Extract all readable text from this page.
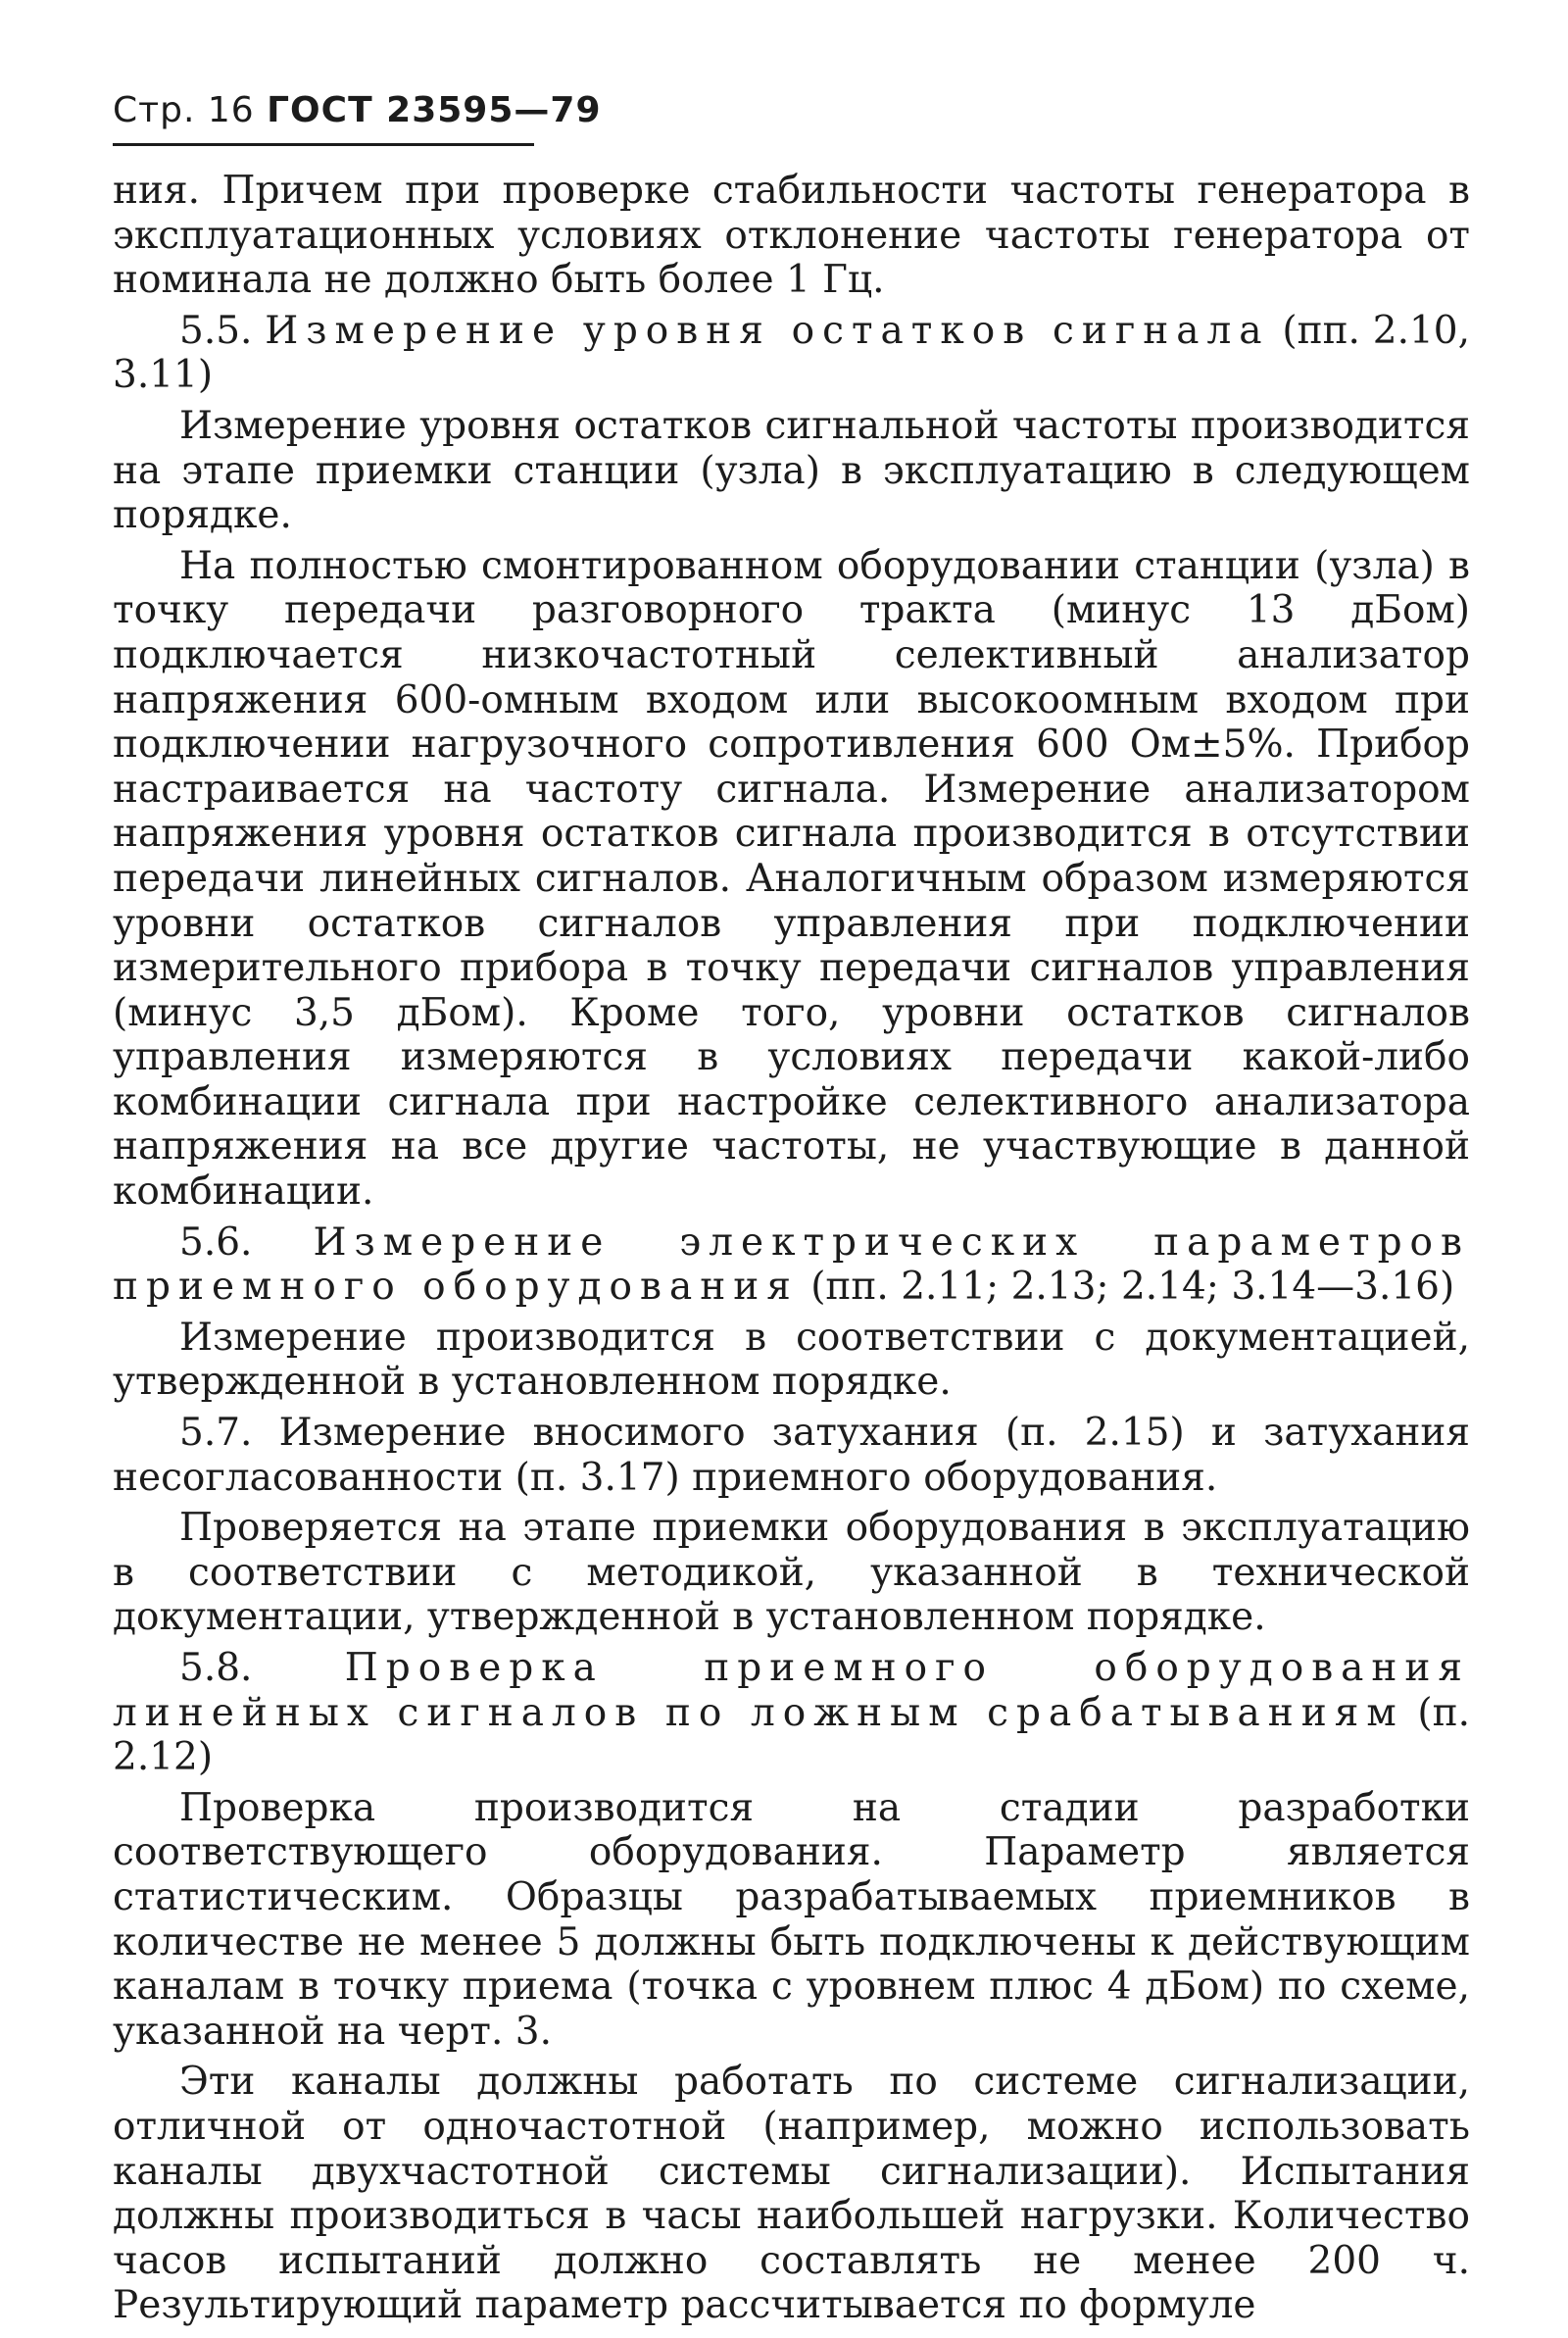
Стр. 16 ГОСТ 23595—79

ния. Причем при проверке стабильности частоты генератора в эксплуатационных условиях отклонение частоты генератора от номинала не должно быть более 1 Гц.

5.5. Измерение уровня остатков сигнала (пп. 2.10, 3.11)

Измерение уровня остатков сигнальной частоты производится на этапе приемки станции (узла) в эксплуатацию в следующем порядке.

На полностью смонтированном оборудовании станции (узла) в точку передачи разговорного тракта (минус 13 дБом) подключается низкочастотный селективный анализатор напряжения 600-омным входом или высокоомным входом при подключении нагрузочного сопротивления 600 Ом±5%. Прибор настраивается на частоту сигнала. Измерение анализатором напряжения уровня остатков сигнала производится в отсутствии передачи линейных сигналов. Аналогичным образом измеряются уровни остатков сигналов управления при подключении измерительного прибора в точку передачи сигналов управления (минус 3,5 дБом). Кроме того, уровни остатков сигналов управления измеряются в условиях передачи какой-либо комбинации сигнала при настройке селективного анализатора напряжения на все другие частоты, не участвующие в данной комбинации.

5.6. Измерение электрических параметров приемного оборудования (пп. 2.11; 2.13; 2.14; 3.14—3.16)

Измерение производится в соответствии с документацией, утвержденной в установленном порядке.

5.7. Измерение вносимого затухания (п. 2.15) и затухания несогласованности (п. 3.17) приемного оборудования.

Проверяется на этапе приемки оборудования в эксплуатацию в соответствии с методикой, указанной в технической документации, утвержденной в установленном порядке.

5.8. Проверка приемного оборудования линейных сигналов по ложным срабатываниям (п. 2.12)

Проверка производится на стадии разработки соответствующего оборудования. Параметр является статистическим. Образцы разрабатываемых приемников в количестве не менее 5 должны быть подключены к действующим каналам в точку приема (точка с уровнем плюс 4 дБом) по схеме, указанной на черт. 3.

Эти каналы должны работать по системе сигнализации, отличной от одночастотной (например, можно использовать каналы двухчастотной системы сигнализации). Испытания должны производиться в часы наибольшей нагрузки. Количество часов испытаний должно составлять не менее 200 ч. Результирующий параметр рассчитывается по формуле
